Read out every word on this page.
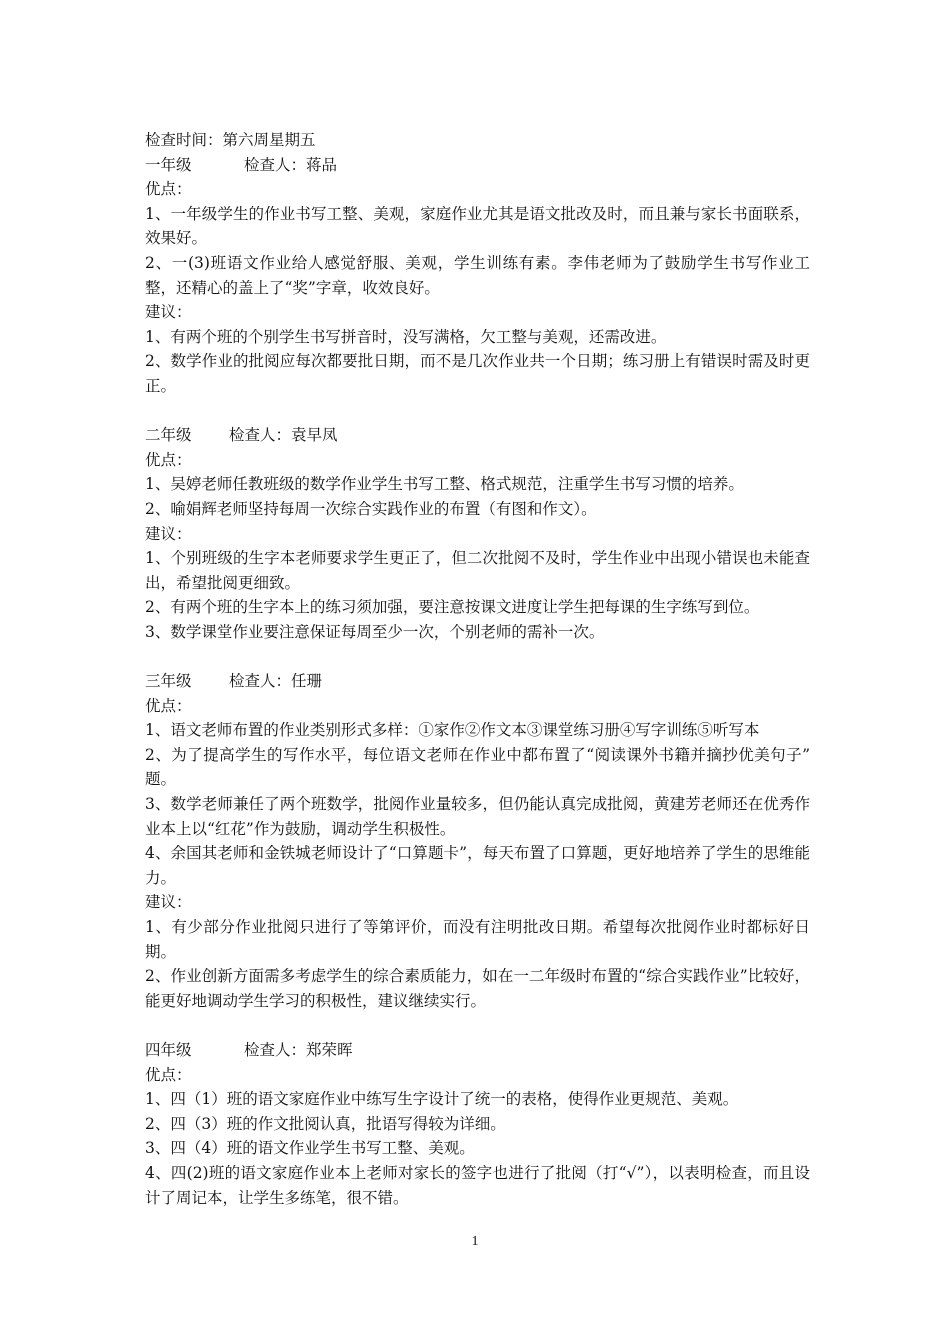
检查时间：第六周星期五

一年级	检查人：蒋品

优点：

1、一年级学生的作业书写工整、美观，家庭作业尤其是语文批改及时，而且兼与家长书面联系，效果好。

2、一(3)班语文作业给人感觉舒服、美观，学生训练有素。李伟老师为了鼓励学生书写作业工整，还精心的盖上了“奖”字章，收效良好。

建议：

1、有两个班的个别学生书写拼音时，没写满格，欠工整与美观，还需改进。

2、数学作业的批阅应每次都要批日期，而不是几次作业共一个日期；练习册上有错误时需及时更正。

二年级	检查人：袁早凤

优点：

1、吴婷老师任教班级的数学作业学生书写工整、格式规范，注重学生书写习惯的培养。

2、喻娟辉老师坚持每周一次综合实践作业的布置（有图和作文）。

建议：

1、个别班级的生字本老师要求学生更正了，但二次批阅不及时，学生作业中出现小错误也未能查出，希望批阅更细致。

2、有两个班的生字本上的练习须加强，要注意按课文进度让学生把每课的生字练写到位。

3、数学课堂作业要注意保证每周至少一次，个别老师的需补一次。

三年级	检查人：任珊

优点：

1、语文老师布置的作业类别形式多样：①家作②作文本③课堂练习册④写字训练⑤听写本

2、为了提高学生的写作水平，每位语文老师在作业中都布置了“阅读课外书籍并摘抄优美句子” 题。

3、数学老师兼任了两个班数学，批阅作业量较多，但仍能认真完成批阅，黄建芳老师还在优秀作业本上以“红花”作为鼓励，调动学生积极性。

4、余国其老师和金铁城老师设计了“口算题卡”，每天布置了口算题，更好地培养了学生的思维能力。

建议：

1、有少部分作业批阅只进行了等第评价，而没有注明批改日期。希望每次批阅作业时都标好日期。

2、作业创新方面需多考虑学生的综合素质能力，如在一二年级时布置的“综合实践作业”比较好，能更好地调动学生学习的积极性，建议继续实行。

四年级	检查人：郑荣晖

优点：

1、四（1）班的语文家庭作业中练写生字设计了统一的表格，使得作业更规范、美观。

2、四（3）班的作文批阅认真，批语写得较为详细。

3、四（4）班的语文作业学生书写工整、美观。

4、四(2)班的语文家庭作业本上老师对家长的签字也进行了批阅（打“√”），以表明检查，而且设计了周记本，让学生多练笔，很不错。

1
